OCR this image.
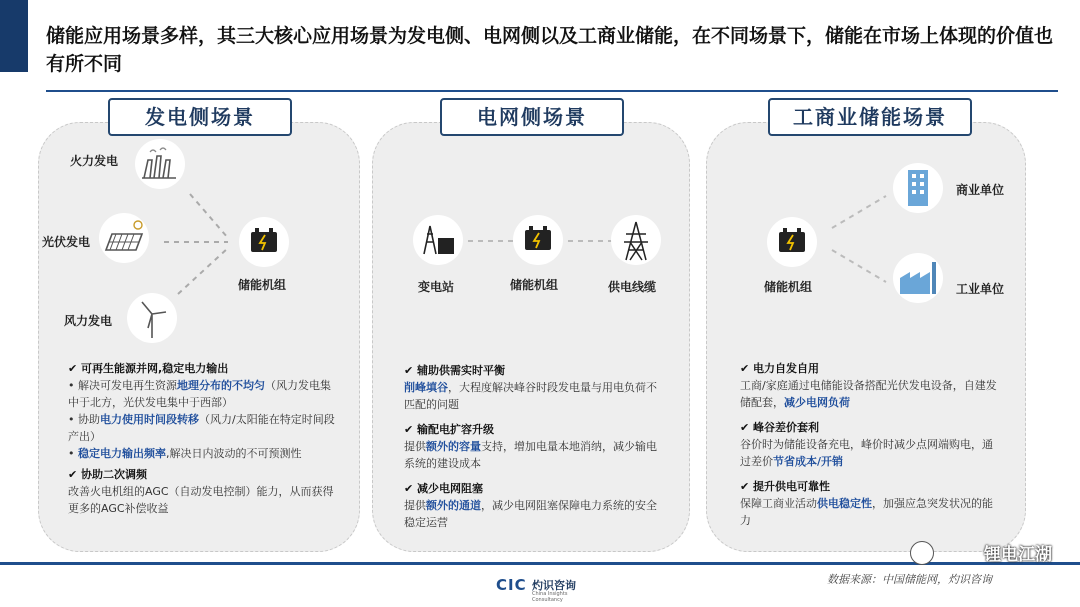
储能应用场景多样，其三大核心应用场景为发电侧、电网侧以及工商业储能，在不同场景下，储能在市场上体现的价值也有所不同
发电侧场景	电网侧场景	工商业储能场景
火力发电
光伏发电
风力发电
储能机组

✔ 可再生能源并网,稳定电力输出

• 解决可发电再生资源地理分布的不均匀（风力发电集中于北方，光伏发电集中于西部）

• 协助电力使用时间段转移（风力/太阳能在特定时间段产出）

• 稳定电力输出频率,解决日内波动的不可预测性

✔ 协助二次调频

改善火电机组的AGC（自动发电控制）能力，从而获得更多的AGC补偿收益

变电站	储能机组	供电线缆

✔ 辅助供需实时平衡

削峰填谷，大程度解决峰谷时段发电量与用电负荷不匹配的问题

✔ 输配电扩容升级

提供额外的容量支持，增加电量本地消纳，减少输电系统的建设成本

✔ 减少电网阻塞

提供额外的通道，减少电网阻塞保障电力系统的安全稳定运营

储能机组
商业单位
工业单位

✔ 电力自发自用

工商/家庭通过电储能设备搭配光伏发电设备，自建发储配套，减少电网负荷

✔ 峰谷差价套利

谷价时为储能设备充电，峰价时减少点网端购电，通过差价节省成本/开销

✔ 提升供电可靠性

保障工商业活动供电稳定性，加强应急突发状况的能力

CIC 灼识咨询
China Insights Consultancy
数据来源：中国储能网，灼识咨询
锂电江湖
